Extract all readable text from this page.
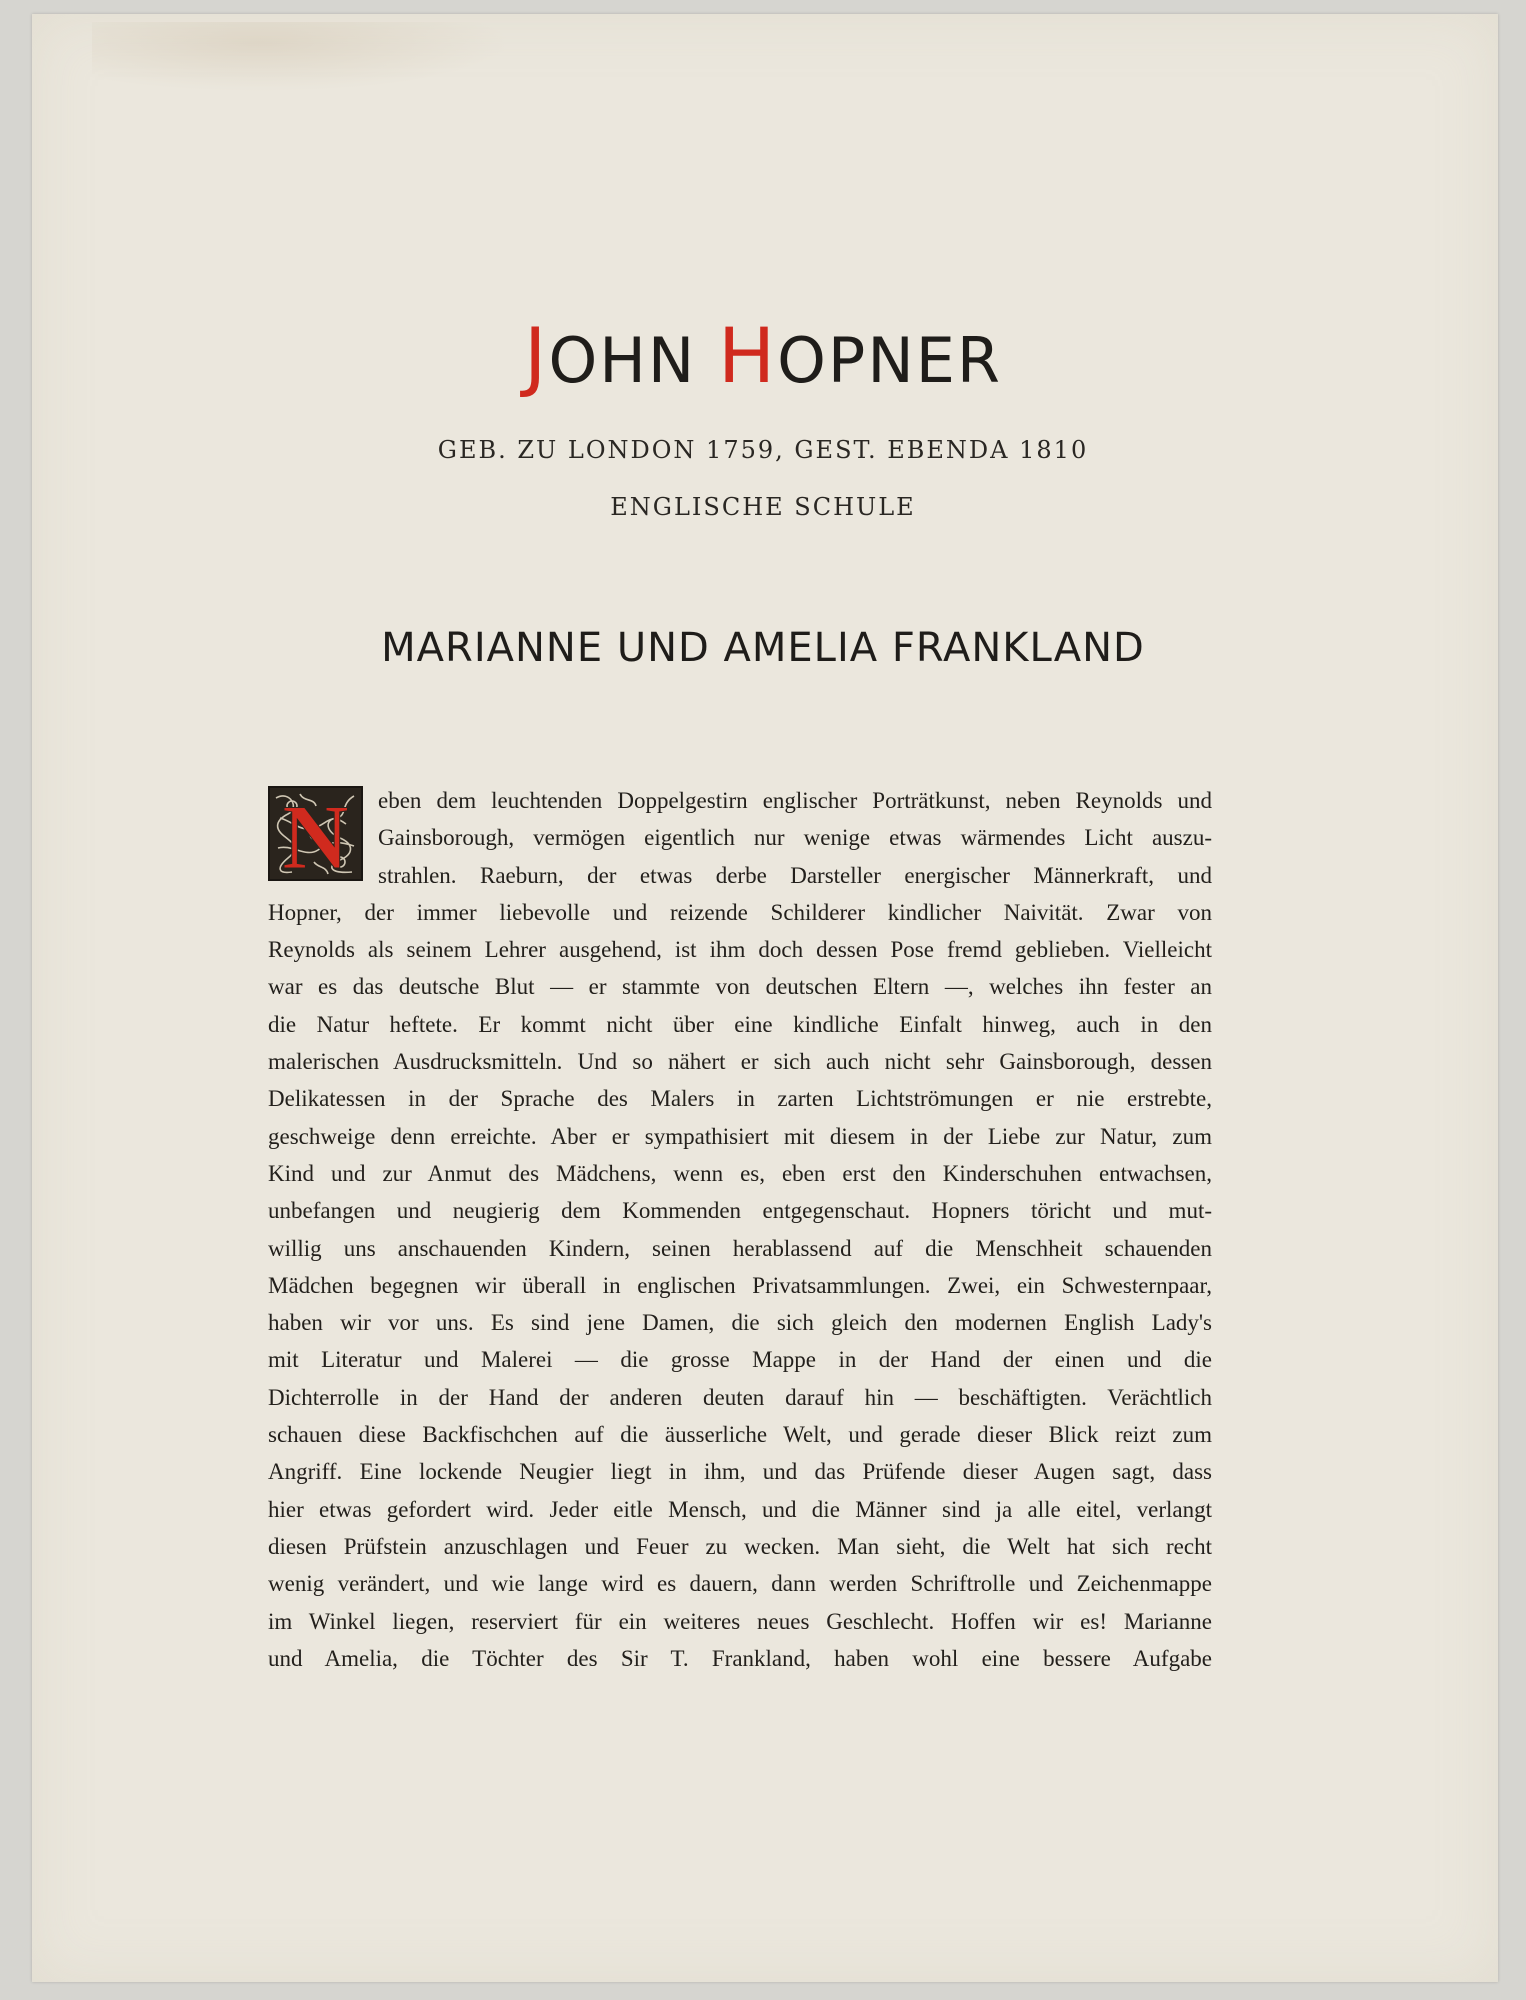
JOHN HOPNER

GEB. ZU LONDON 1759, GEST. EBENDA 1810

ENGLISCHE SCHULE

MARIANNE UND AMELIA FRANKLAND
N	eben dem leuchtenden Doppelgestirn englischer Porträtkunst, neben Reynolds und
Gainsborough, vermögen eigentlich nur wenige etwas wärmendes Licht auszu-
strahlen. Raeburn, der etwas derbe Darsteller energischer Männerkraft, und
Hopner, der immer liebevolle und reizende Schilderer kindlicher Naivität. Zwar von
Reynolds als seinem Lehrer ausgehend, ist ihm doch dessen Pose fremd geblieben. Vielleicht
war es das deutsche Blut — er stammte von deutschen Eltern —, welches ihn fester an
die Natur heftete. Er kommt nicht über eine kindliche Einfalt hinweg, auch in den
malerischen Ausdrucksmitteln. Und so nähert er sich auch nicht sehr Gainsborough, dessen
Delikatessen in der Sprache des Malers in zarten Lichtströmungen er nie erstrebte,
geschweige denn erreichte. Aber er sympathisiert mit diesem in der Liebe zur Natur, zum
Kind und zur Anmut des Mädchens, wenn es, eben erst den Kinderschuhen entwachsen,
unbefangen und neugierig dem Kommenden entgegenschaut. Hopners töricht und mut-
willig uns anschauenden Kindern, seinen herablassend auf die Menschheit schauenden
Mädchen begegnen wir überall in englischen Privatsammlungen. Zwei, ein Schwesternpaar,
haben wir vor uns. Es sind jene Damen, die sich gleich den modernen English Lady's
mit Literatur und Malerei — die grosse Mappe in der Hand der einen und die
Dichterrolle in der Hand der anderen deuten darauf hin — beschäftigten. Verächtlich
schauen diese Backfischchen auf die äusserliche Welt, und gerade dieser Blick reizt zum
Angriff. Eine lockende Neugier liegt in ihm, und das Prüfende dieser Augen sagt, dass
hier etwas gefordert wird. Jeder eitle Mensch, und die Männer sind ja alle eitel, verlangt
diesen Prüfstein anzuschlagen und Feuer zu wecken. Man sieht, die Welt hat sich recht
wenig verändert, und wie lange wird es dauern, dann werden Schriftrolle und Zeichenmappe
im Winkel liegen, reserviert für ein weiteres neues Geschlecht. Hoffen wir es! Marianne
und Amelia, die Töchter des Sir T. Frankland, haben wohl eine bessere Aufgabe
